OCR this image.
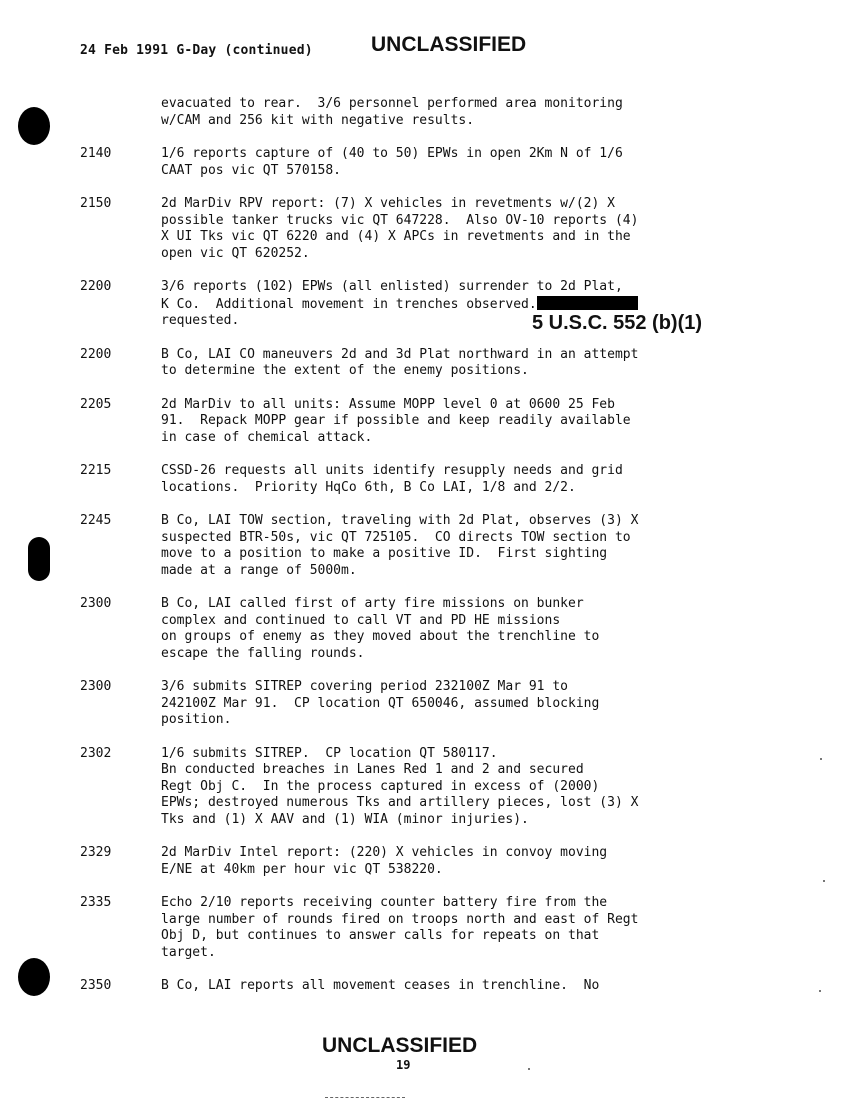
24 Feb 1991 G-Day (continued)	UNCLASSIFIED
evacuated to rear.  3/6 personnel performed area monitoring
w/CAM and 256 kit with negative results.
2140	1/6 reports capture of (40 to 50) EPWs in open 2Km N of 1/6
CAAT pos vic QT 570158.
2150	2d MarDiv RPV report: (7) X vehicles in revetments w/(2) X
possible tanker trucks vic QT 647228.  Also OV-10 reports (4)
X UI Tks vic QT 6220 and (4) X APCs in revetments and in the
open vic QT 620252.
2200	3/6 reports (102) EPWs (all enlisted) surrender to 2d Plat,
K Co.  Additional movement in trenches observed.
requested.
2200	B Co, LAI CO maneuvers 2d and 3d Plat northward in an attempt
to determine the extent of the enemy positions.
2205	2d MarDiv to all units: Assume MOPP level 0 at 0600 25 Feb
91.  Repack MOPP gear if possible and keep readily available
in case of chemical attack.
2215	CSSD-26 requests all units identify resupply needs and grid
locations.  Priority HqCo 6th, B Co LAI, 1/8 and 2/2.
2245	B Co, LAI TOW section, traveling with 2d Plat, observes (3) X
suspected BTR-50s, vic QT 725105.  CO directs TOW section to
move to a position to make a positive ID.  First sighting
made at a range of 5000m.
2300	B Co, LAI called first of arty fire missions on bunker
complex and continued to call VT and PD HE missions
on groups of enemy as they moved about the trenchline to
escape the falling rounds.
2300	3/6 submits SITREP covering period 232100Z Mar 91 to
242100Z Mar 91.  CP location QT 650046, assumed blocking
position.
2302	1/6 submits SITREP.  CP location QT 580117.
Bn conducted breaches in Lanes Red 1 and 2 and secured
Regt Obj C.  In the process captured in excess of (2000)
EPWs; destroyed numerous Tks and artillery pieces, lost (3) X
Tks and (1) X AAV and (1) WIA (minor injuries).
2329	2d MarDiv Intel report: (220) X vehicles in convoy moving
E/NE at 40km per hour vic QT 538220.
2335	Echo 2/10 reports receiving counter battery fire from the
large number of rounds fired on troops north and east of Regt
Obj D, but continues to answer calls for repeats on that
target.
2350	B Co, LAI reports all movement ceases in trenchline.  No
5 U.S.C. 552 (b)(1)
UNCLASSIFIED
19
